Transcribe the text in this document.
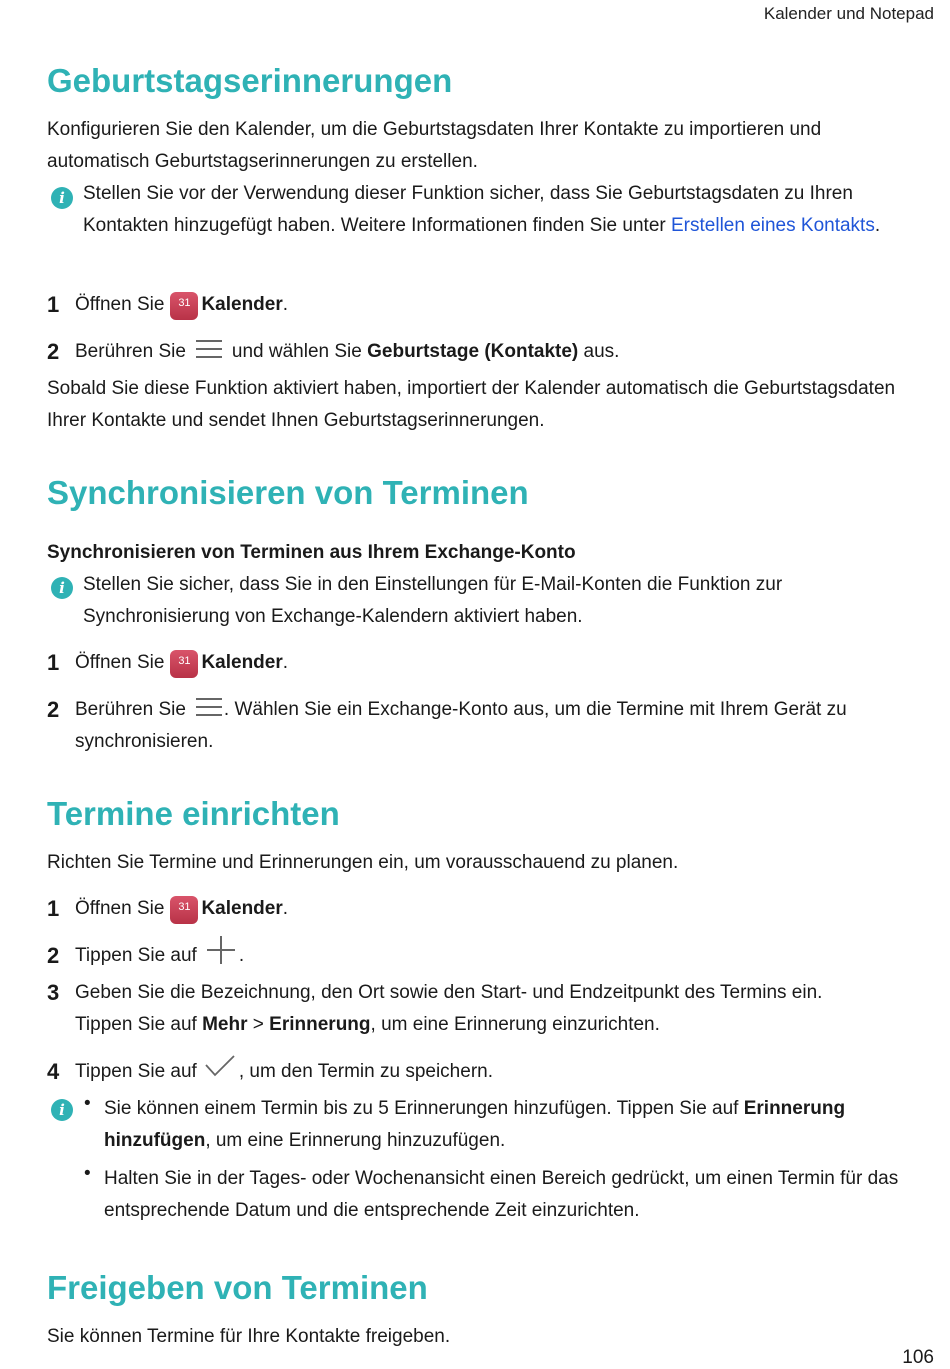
Kalender und Notepad
Geburtstagserinnerungen
Konfigurieren Sie den Kalender, um die Geburtstagsdaten Ihrer Kontakte zu importieren und automatisch Geburtstagserinnerungen zu erstellen.
i Stellen Sie vor der Verwendung dieser Funktion sicher, dass Sie Geburtstagsdaten zu Ihren Kontakten hinzugefügt haben. Weitere Informationen finden Sie unter Erstellen eines Kontakts.
1 Öffnen Sie 31 Kalender.
2 Berühren Sie und wählen Sie Geburtstage (Kontakte) aus.
Sobald Sie diese Funktion aktiviert haben, importiert der Kalender automatisch die Geburtstagsdaten Ihrer Kontakte und sendet Ihnen Geburtstagserinnerungen.
Synchronisieren von Terminen
Synchronisieren von Terminen aus Ihrem Exchange-Konto
i Stellen Sie sicher, dass Sie in den Einstellungen für E-Mail-Konten die Funktion zur Synchronisierung von Exchange-Kalendern aktiviert haben.
1 Öffnen Sie 31 Kalender.
2 Berühren Sie . Wählen Sie ein Exchange-Konto aus, um die Termine mit Ihrem Gerät zu
synchronisieren.
Termine einrichten
Richten Sie Termine und Erinnerungen ein, um vorausschauend zu planen.
1 Öffnen Sie 31 Kalender.
2 Tippen Sie auf .
3 Geben Sie die Bezeichnung, den Ort sowie den Start- und Endzeitpunkt des Termins ein.
Tippen Sie auf Mehr > Erinnerung, um eine Erinnerung einzurichten.
4 Tippen Sie auf , um den Termin zu speichern.
i	• Sie können einem Termin bis zu 5 Erinnerungen hinzufügen. Tippen Sie auf Erinnerung hinzufügen, um eine Erinnerung hinzuzufügen.
• Halten Sie in der Tages- oder Wochenansicht einen Bereich gedrückt, um einen Termin für das entsprechende Datum und die entsprechende Zeit einzurichten.
Freigeben von Terminen
Sie können Termine für Ihre Kontakte freigeben.
106
